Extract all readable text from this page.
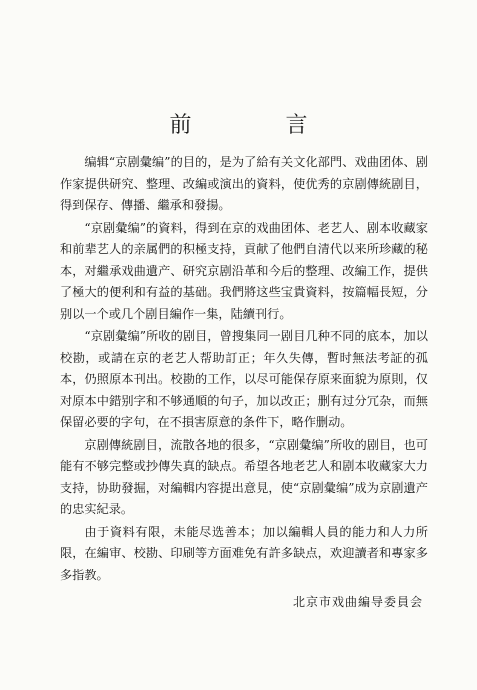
前　言

编辑“京剧彙编”的目的，是为了給有关文化部門、戏曲团体、剧作家提供研究、整理、改編或演出的資料，使优秀的京剧傳統剧目，得到保存、傳播、繼承和發揚。

“京剧彙编”的資料，得到在京的戏曲团体、老艺人、剧本收藏家和前辈艺人的亲属們的积極支持，貢献了他們自清代以来所珍藏的秘本，对繼承戏曲遺产、研究京剧沿革和今后的整理、改編工作，提供了極大的便利和有益的基础。我們將这些宝貴資料，按篇幅長短，分别以一个或几个剧目編作一集，陆續刊行。

“京剧彙编”所收的剧目，曾搜集同一剧目几种不同的底本，加以校勘，或請在京的老艺人帮助訂正；年久失傳，暫时無法考証的孤本，仍照原本刊出。校勘的工作，以尽可能保存原来面貌为原則，仅对原本中錯别字和不够通順的句子，加以改正；删有过分冗杂，而無保留必要的字句，在不損害原意的条件下，略作删动。

京剧傳統剧目，流散各地的很多，“京剧彙编”所收的剧目，也可能有不够完整或抄傳失真的缺点。希望各地老艺人和剧本收藏家大力支持，协助發掘，对編輯内容提出意見，使“京剧彙编”成为京剧遺产的忠实紀录。

由于資料有限，未能尽选善本；加以編輯人員的能力和人力所限，在編审、校勘、印刷等方面难免有許多缺点，欢迎讀者和專家多多指教。

北京市戏曲編导委員会
